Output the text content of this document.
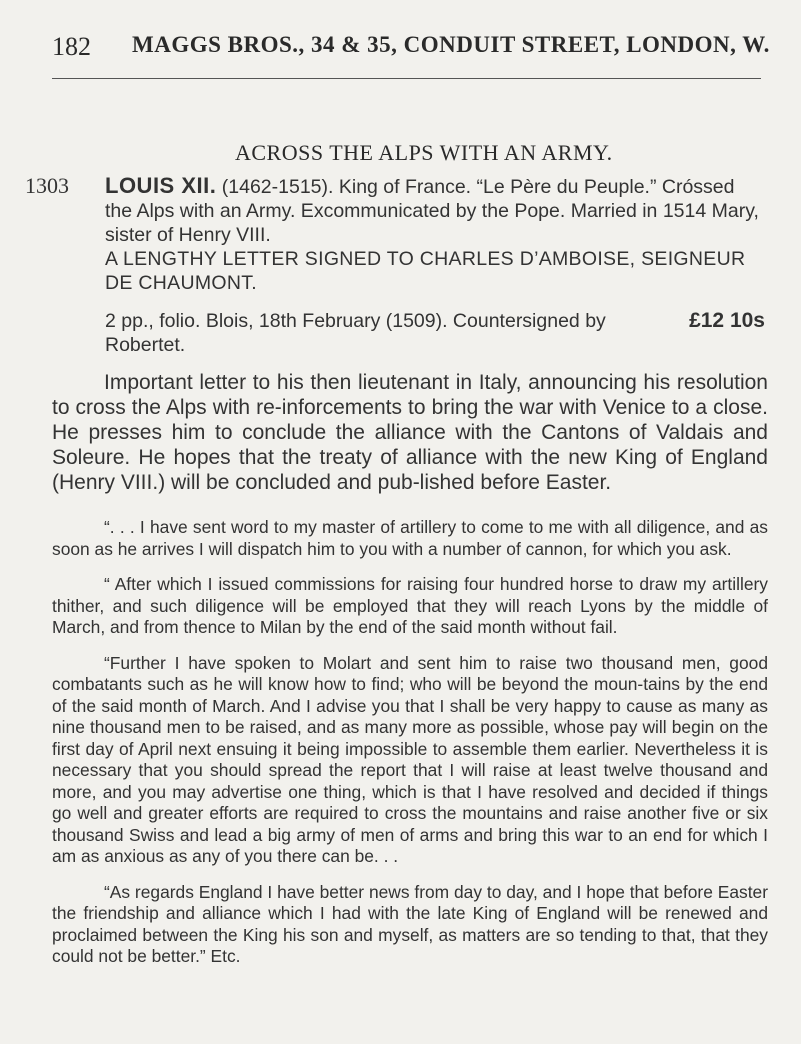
182 MAGGS BROS., 34 & 35, CONDUIT STREET, LONDON, W.
ACROSS THE ALPS WITH AN ARMY.
1303 LOUIS XII. (1462-1515). King of France. “Le Père du Peuple.” Cróssed the Alps with an Army. Excommunicated by the Pope. Married in 1514 Mary, sister of Henry VIII.

A LENGTHY LETTER SIGNED TO CHARLES D’AMBOISE, SEIGNEUR DE CHAUMONT.

2 pp., folio. Blois, 18th February (1509). Countersigned by Robertet.
£12 10s

Important letter to his then lieutenant in Italy, announcing his resolution to cross the Alps with re-inforcements to bring the war with Venice to a close. He presses him to conclude the alliance with the Cantons of Valdais and Soleure. He hopes that the treaty of alliance with the new King of England (Henry VIII.) will be concluded and pub-lished before Easter.

“. . . I have sent word to my master of artillery to come to me with all diligence, and as soon as he arrives I will dispatch him to you with a number of cannon, for which you ask.

“ After which I issued commissions for raising four hundred horse to draw my artillery thither, and such diligence will be employed that they will reach Lyons by the middle of March, and from thence to Milan by the end of the said month without fail.

“Further I have spoken to Molart and sent him to raise two thousand men, good combatants such as he will know how to find; who will be beyond the moun-tains by the end of the said month of March. And I advise you that I shall be very happy to cause as many as nine thousand men to be raised, and as many more as possible, whose pay will begin on the first day of April next ensuing it being impossible to assemble them earlier. Nevertheless it is necessary that you should spread the report that I will raise at least twelve thousand and more, and you may advertise one thing, which is that I have resolved and decided if things go well and greater efforts are required to cross the mountains and raise another five or six thousand Swiss and lead a big army of men of arms and bring this war to an end for which I am as anxious as any of you there can be. . .

“As regards England I have better news from day to day, and I hope that before Easter the friendship and alliance which I had with the late King of England will be renewed and proclaimed between the King his son and myself, as matters are so tending to that, that they could not be better.” Etc.
